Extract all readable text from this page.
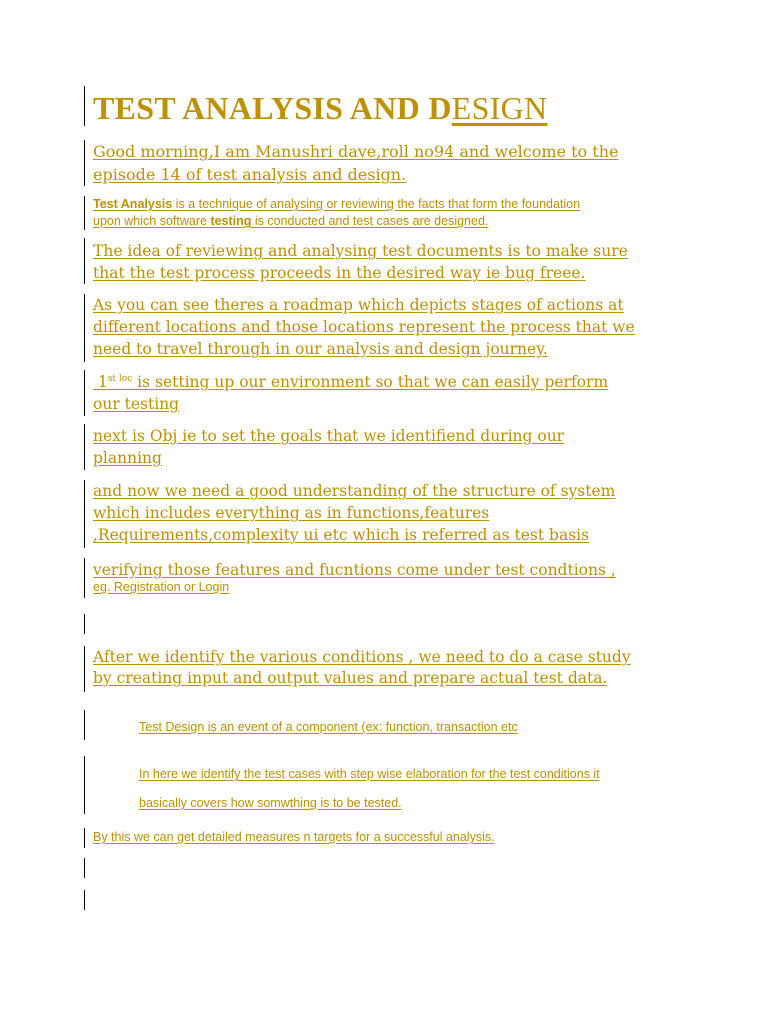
TEST ANALYSIS AND DESIGN

Good morning,I am Manushri dave,roll no94 and welcome to the
episode 14 of test analysis and design.

Test Analysis is a technique of analysing or reviewing the facts that form the foundation
upon which software testing is conducted and test cases are designed.

The idea of reviewing and analysing test documents is to make sure
that the test process proceeds in the desired way ie bug freee.

As you can see theres a roadmap which depicts stages of actions at
different locations and those locations represent the process that we
need to travel through in our analysis and design journey.

$1^{st loc}$ is setting up our environment so that we can easily perform
our testing

next is Obj ie to set the goals that we identifiend during our
planning

and now we need a good understanding of the structure of system
which includes everything as in functions,features
,Requirements,complexity ui etc which is referred as test basis

verifying those features and fucntions come under test condtions ,

eg. Registration or Login

After we identify the various conditions , we need to do a case study
by creating input and output values and prepare actual test data.

Test Design is an event of a component (ex: function, transaction etc

In here we identify the test cases with step wise elaboration for the test conditions it

basically covers how somwthing is to be tested.

By this we can get detailed measures n targets for a successful analysis.
